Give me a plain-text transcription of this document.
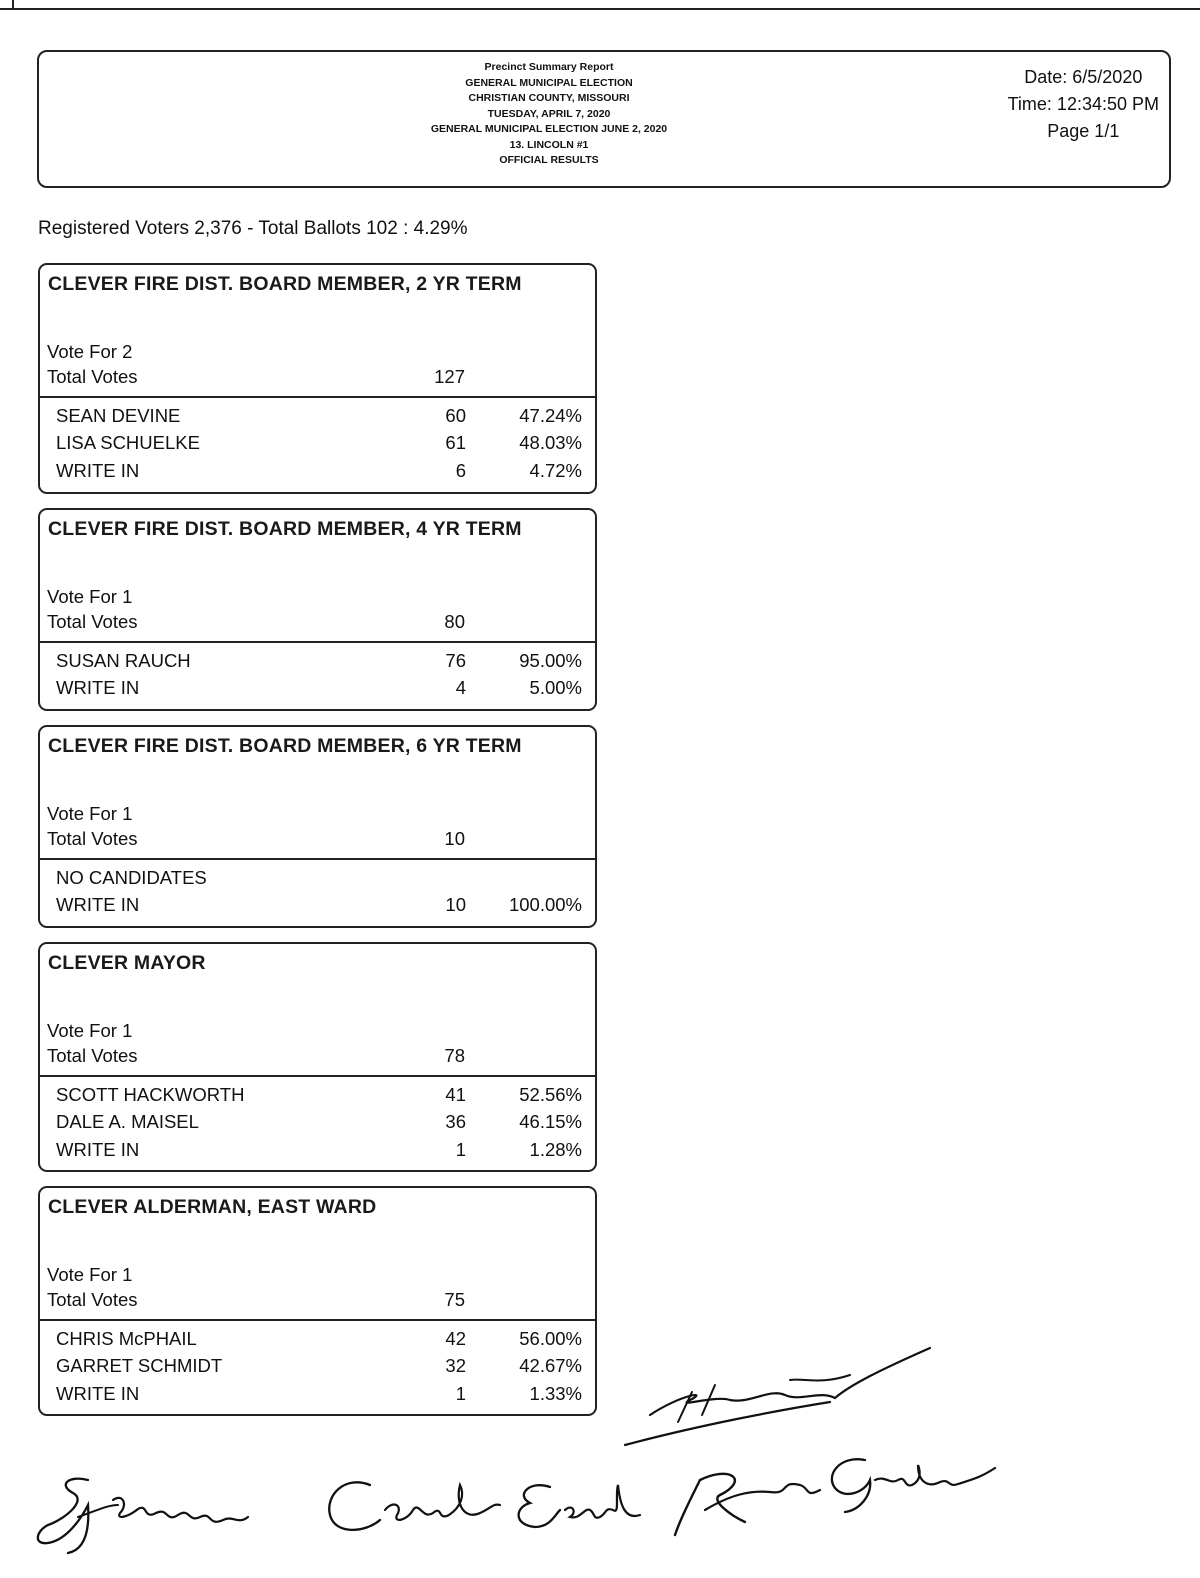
Precinct Summary Report
GENERAL MUNICIPAL ELECTION
CHRISTIAN COUNTY, MISSOURI
TUESDAY, APRIL 7, 2020
GENERAL MUNICIPAL ELECTION JUNE 2, 2020
13. LINCOLN #1
OFFICIAL RESULTS
Date: 6/5/2020
Time: 12:34:50 PM
Page 1/1
Registered Voters 2,376 - Total Ballots 102 : 4.29%
CLEVER FIRE DIST. BOARD MEMBER, 2 YR TERM
Vote For 2
Total Votes	127
SEAN DEVINE	60	47.24%
LISA SCHUELKE	61	48.03%
WRITE IN	6	4.72%
CLEVER FIRE DIST. BOARD MEMBER, 4 YR TERM
Vote For 1
Total Votes	80
SUSAN RAUCH	76	95.00%
WRITE IN	4	5.00%
CLEVER FIRE DIST. BOARD MEMBER, 6 YR TERM
Vote For 1
Total Votes	10
NO CANDIDATES
WRITE IN	10	100.00%
CLEVER MAYOR
Vote For 1
Total Votes	78
SCOTT HACKWORTH	41	52.56%
DALE A. MAISEL	36	46.15%
WRITE IN	1	1.28%
CLEVER ALDERMAN, EAST WARD
Vote For 1
Total Votes	75
CHRIS McPHAIL	42	56.00%
GARRET SCHMIDT	32	42.67%
WRITE IN	1	1.33%
